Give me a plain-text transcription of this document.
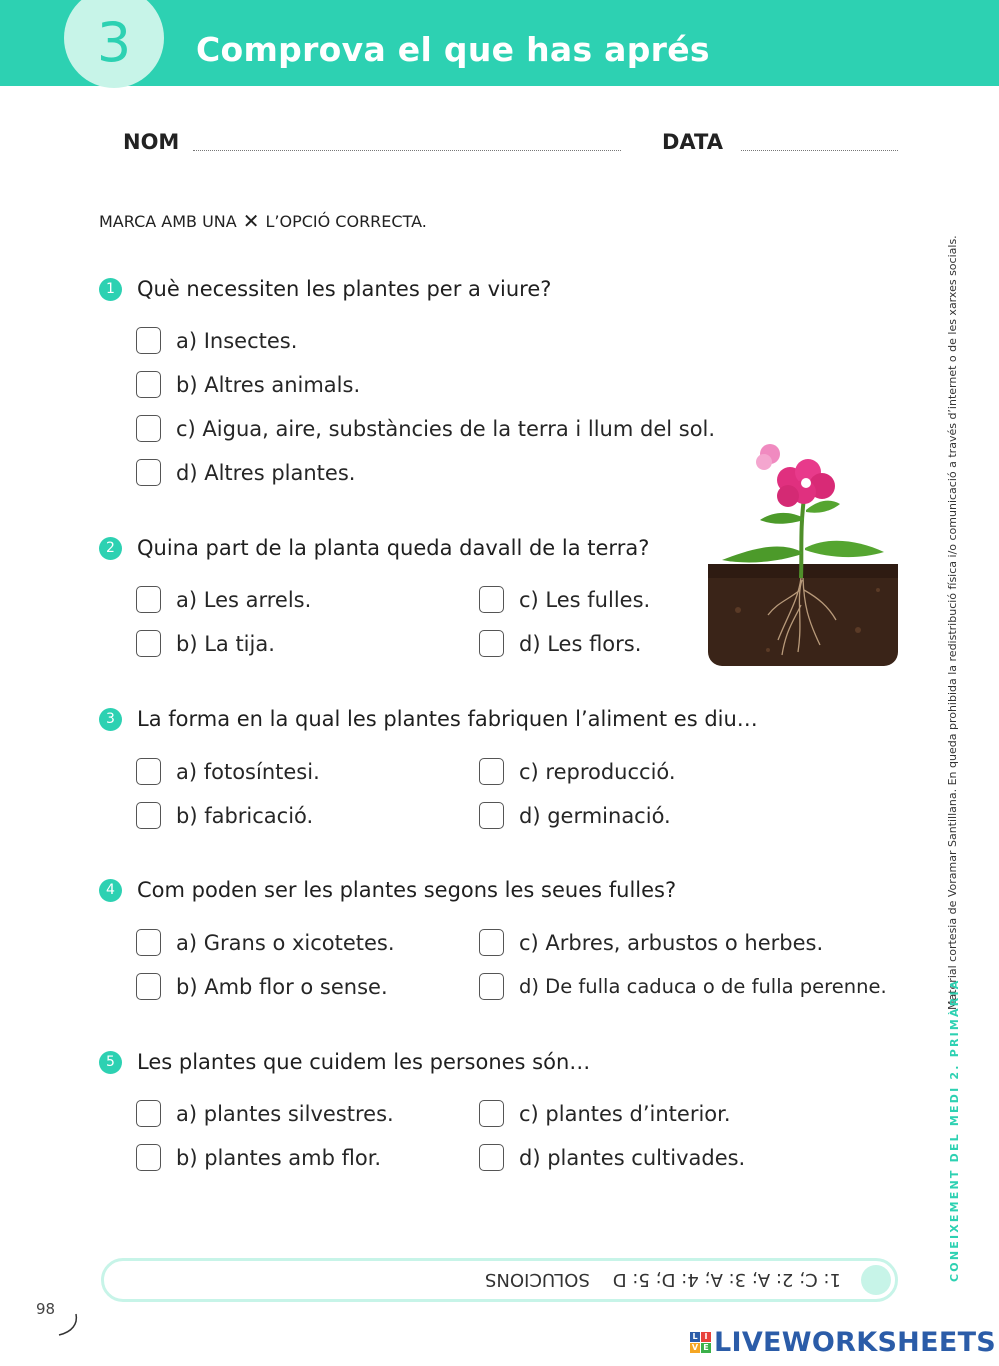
3 Comprova el que has aprés
NOM	DATA
MARCA AMB UNA ✕ L’OPCIÓ CORRECTA.
1	Què necessiten les plantes per a viure?
a) Insectes.
b) Altres animals.
c) Aigua, aire, substàncies de la terra i llum del sol.
d) Altres plantes.
2	Quina part de la planta queda davall de la terra?
a) Les arrels.
b) La tija.
c) Les fulles.
d) Les flors.
3	La forma en la qual les plantes fabriquen l’aliment es diu…
a) fotosíntesi.
b) fabricació.
c) reproducció.
d) germinació.
4	Com poden ser les plantes segons les seues fulles?
a) Grans o xicotetes.
b) Amb flor o sense.
c) Arbres, arbustos o herbes.
d) De fulla caduca o de fulla perenne.
5	Les plantes que cuidem les persones són…
a) plantes silvestres.
b) plantes amb flor.
c) plantes d’interior.
d) plantes cultivades.
Material cortesia de Voramar Santillana. En queda prohibida la redistribució física i/o comunicació a través d’internet o de les xarxes socials.
CONEIXEMENT DEL MEDI 2. PRIMÀRIA
1: C; 2: A; 3: A; 4: D; 5: D    SOLUCIONS
98
L I
V E LIVEWORKSHEETS
